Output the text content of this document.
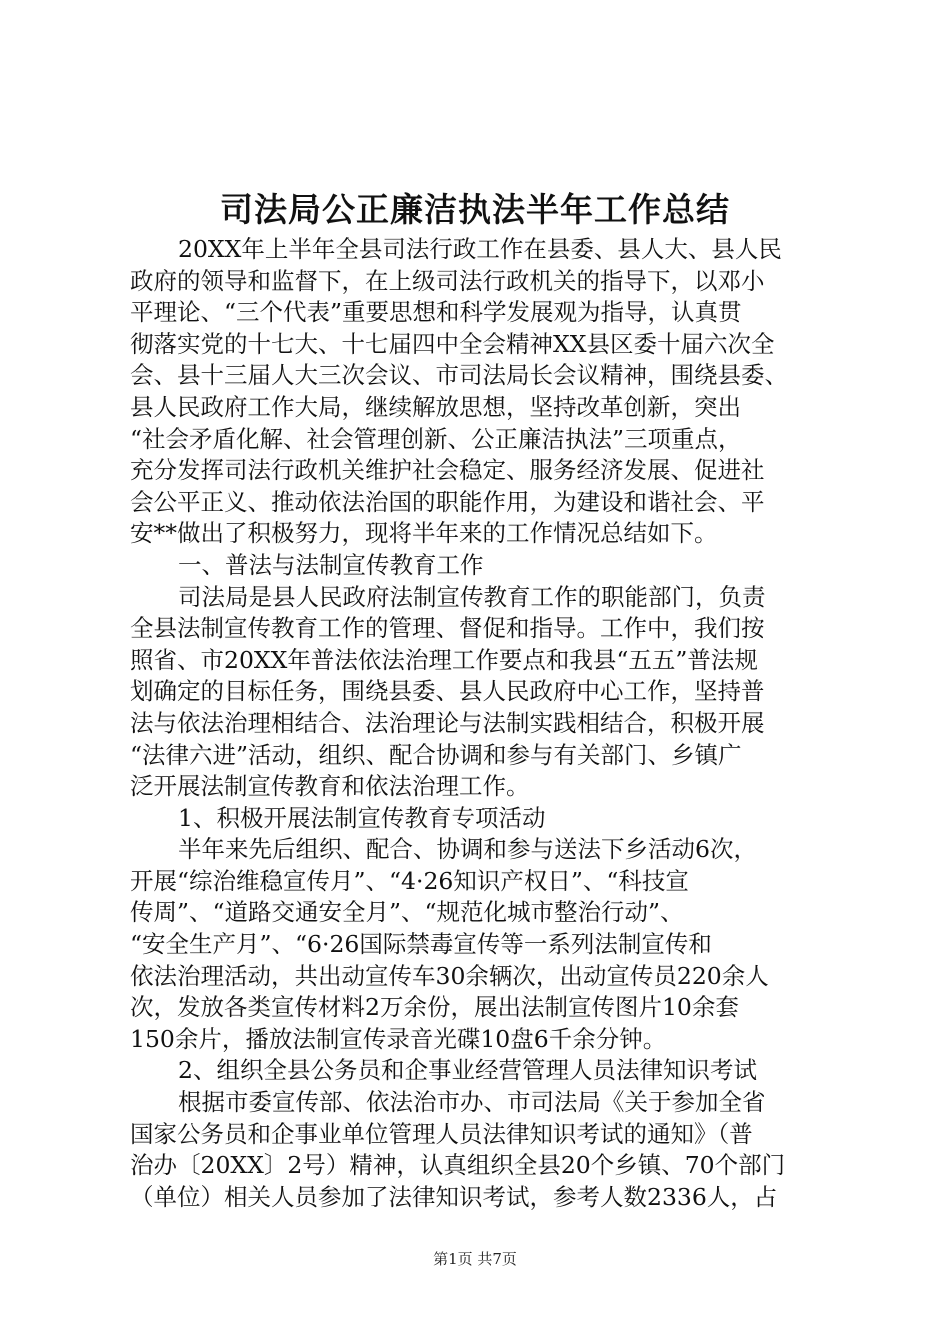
司法局公正廉洁执法半年工作总结
20XX年上半年全县司法行政工作在县委、县人大、县人民
政府的领导和监督下，在上级司法行政机关的指导下，以邓小
平理论、“三个代表”重要思想和科学发展观为指导，认真贯
彻落实党的十七大、十七届四中全会精神XX县区委十届六次全
会、县十三届人大三次会议、市司法局长会议精神，围绕县委、
县人民政府工作大局，继续解放思想，坚持改革创新，突出
“社会矛盾化解、社会管理创新、公正廉洁执法”三项重点，
充分发挥司法行政机关维护社会稳定、服务经济发展、促进社
会公平正义、推动依法治国的职能作用，为建设和谐社会、平
安**做出了积极努力，现将半年来的工作情况总结如下。
一、普法与法制宣传教育工作
司法局是县人民政府法制宣传教育工作的职能部门，负责
全县法制宣传教育工作的管理、督促和指导。工作中，我们按
照省、市20XX年普法依法治理工作要点和我县“五五”普法规
划确定的目标任务，围绕县委、县人民政府中心工作，坚持普
法与依法治理相结合、法治理论与法制实践相结合，积极开展
“法律六进”活动，组织、配合协调和参与有关部门、乡镇广
泛开展法制宣传教育和依法治理工作。
1、积极开展法制宣传教育专项活动
半年来先后组织、配合、协调和参与送法下乡活动6次，
开展“综治维稳宣传月”、“4·26知识产权日”、“科技宣
传周”、“道路交通安全月”、“规范化城市整治行动”、
“安全生产月”、“6·26国际禁毒宣传等一系列法制宣传和
依法治理活动，共出动宣传车30余辆次，出动宣传员220余人
次，发放各类宣传材料2万余份，展出法制宣传图片10余套
150余片，播放法制宣传录音光碟10盘6千余分钟。
2、组织全县公务员和企事业经营管理人员法律知识考试
根据市委宣传部、依法治市办、市司法局《关于参加全省
国家公务员和企事业单位管理人员法律知识考试的通知》（普
治办〔20XX〕2号）精神，认真组织全县20个乡镇、70个部门
（单位）相关人员参加了法律知识考试，参考人数2336人，占
第1页 共7页
